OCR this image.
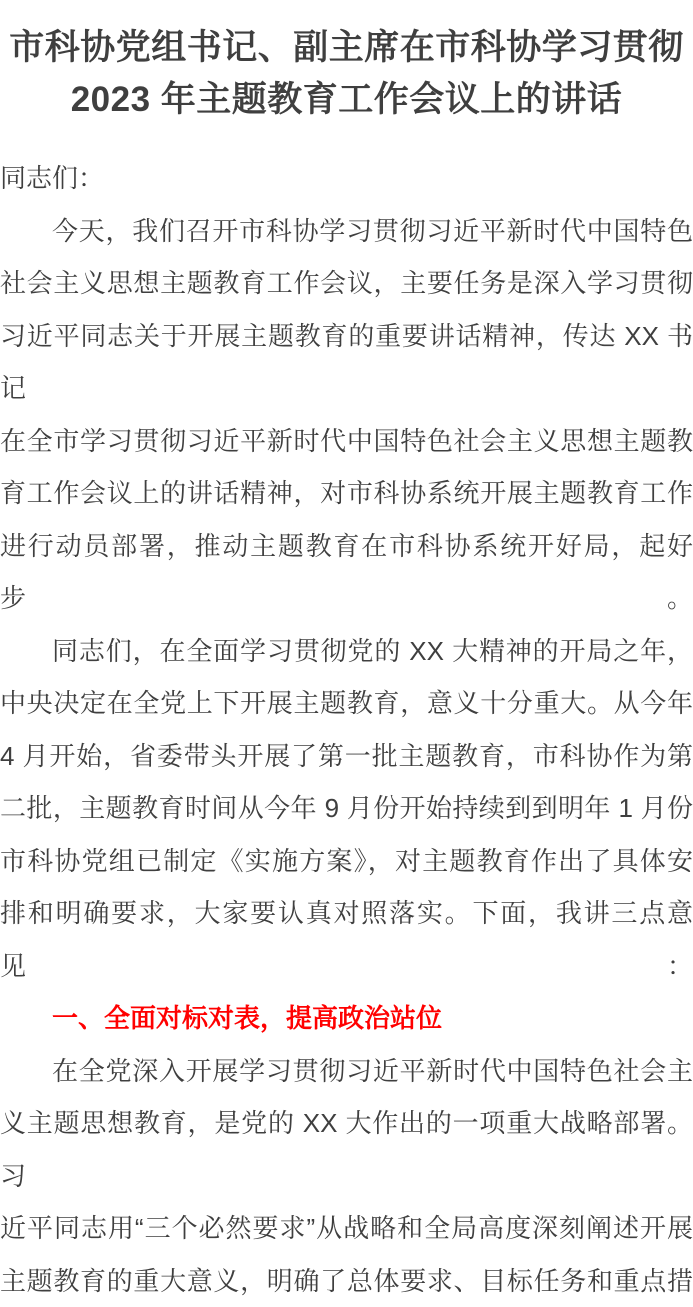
市科协党组书记、副主席在市科协学习贯彻
2023 年主题教育工作会议上的讲话
同志们：
今天，我们召开市科协学习贯彻习近平新时代中国特色
社会主义思想主题教育工作会议，主要任务是深入学习贯彻
习近平同志关于开展主题教育的重要讲话精神，传达 XX 书记
在全市学习贯彻习近平新时代中国特色社会主义思想主题教
育工作会议上的讲话精神，对市科协系统开展主题教育工作
进行动员部署，推动主题教育在市科协系统开好局，起好步。
同志们，在全面学习贯彻党的 XX 大精神的开局之年，
中央决定在全党上下开展主题教育，意义十分重大。从今年
4 月开始，省委带头开展了第一批主题教育，市科协作为第
二批，主题教育时间从今年 9 月份开始持续到到明年 1 月份
市科协党组已制定《实施方案》，对主题教育作出了具体安
排和明确要求，大家要认真对照落实。下面，我讲三点意见：
一、全面对标对表，提高政治站位
在全党深入开展学习贯彻习近平新时代中国特色社会主
义主题思想教育，是党的 XX 大作出的一项重大战略部署。习
近平同志用“三个必然要求”从战略和全局高度深刻阐述开展
主题教育的重大意义，明确了总体要求、目标任务和重点措
